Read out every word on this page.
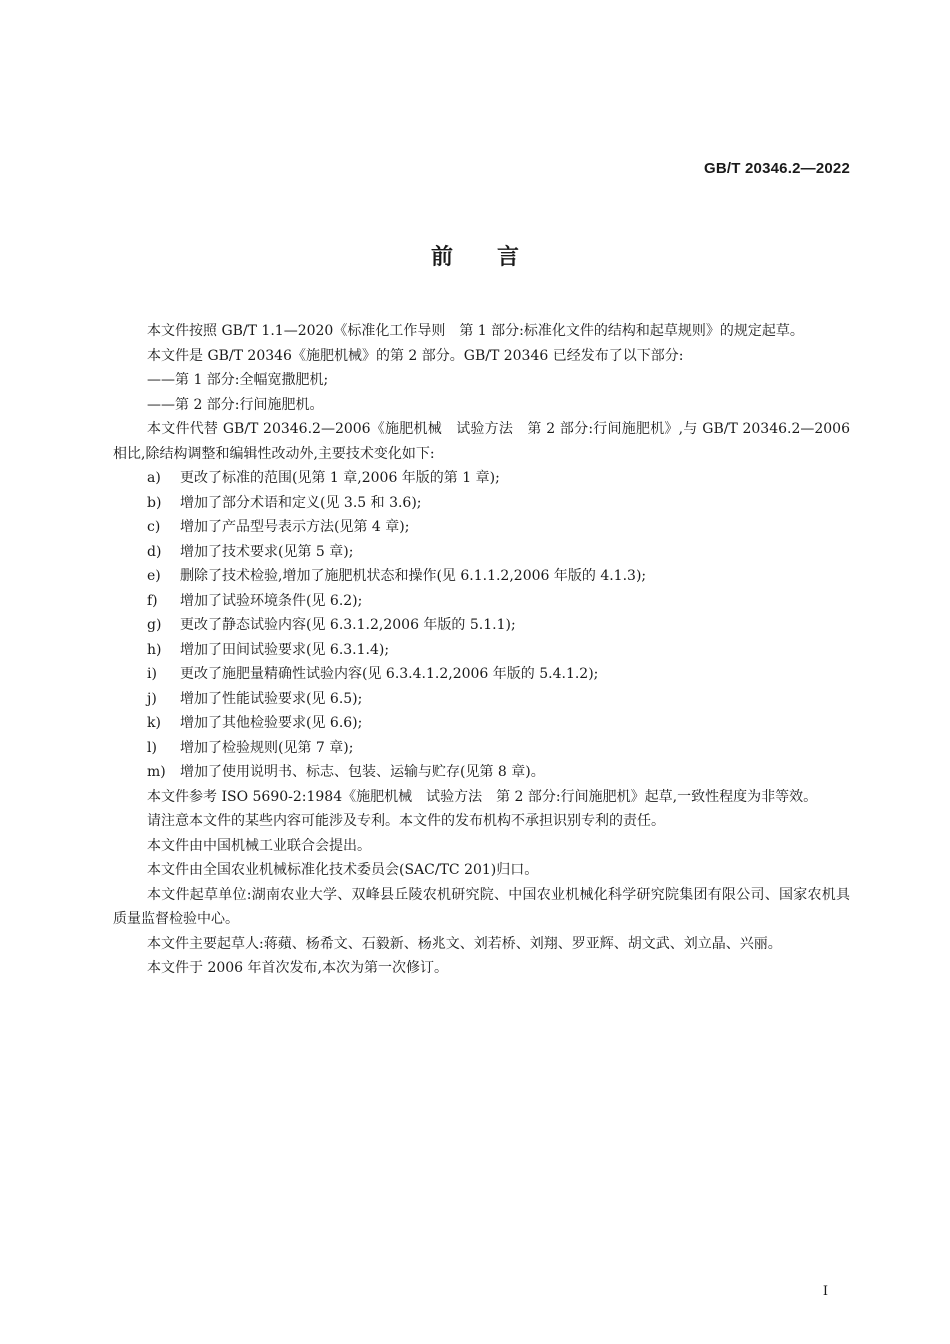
GB/T 20346.2—2022
前言

本文件按照 GB/T 1.1—2020《标准化工作导则　第 1 部分:标准化文件的结构和起草规则》的规定起草。

本文件是 GB/T 20346《施肥机械》的第 2 部分。GB/T 20346 已经发布了以下部分:

——第 1 部分:全幅宽撒肥机;

——第 2 部分:行间施肥机。

本文件代替 GB/T 20346.2—2006《施肥机械　试验方法　第 2 部分:行间施肥机》,与 GB/T 20346.2—2006 相比,除结构调整和编辑性改动外,主要技术变化如下:

a)	更改了标准的范围(见第 1 章,2006 年版的第 1 章);
b)	增加了部分术语和定义(见 3.5 和 3.6);
c)	增加了产品型号表示方法(见第 4 章);
d)	增加了技术要求(见第 5 章);
e)	删除了技术检验,增加了施肥机状态和操作(见 6.1.1.2,2006 年版的 4.1.3);
f)	增加了试验环境条件(见 6.2);
g)	更改了静态试验内容(见 6.3.1.2,2006 年版的 5.1.1);
h)	增加了田间试验要求(见 6.3.1.4);
i)	更改了施肥量精确性试验内容(见 6.3.4.1.2,2006 年版的 5.4.1.2);
j)	增加了性能试验要求(见 6.5);
k)	增加了其他检验要求(见 6.6);
l)	增加了检验规则(见第 7 章);
m)	增加了使用说明书、标志、包装、运输与贮存(见第 8 章)。

本文件参考 ISO 5690-2:1984《施肥机械　试验方法　第 2 部分:行间施肥机》起草,一致性程度为非等效。

请注意本文件的某些内容可能涉及专利。本文件的发布机构不承担识别专利的责任。

本文件由中国机械工业联合会提出。

本文件由全国农业机械标准化技术委员会(SAC/TC 201)归口。

本文件起草单位:湖南农业大学、双峰县丘陵农机研究院、中国农业机械化科学研究院集团有限公司、国家农机具质量监督检验中心。

本文件主要起草人:蒋蘋、杨希文、石毅新、杨兆文、刘若桥、刘翔、罗亚辉、胡文武、刘立晶、兴丽。

本文件于 2006 年首次发布,本次为第一次修订。

I
